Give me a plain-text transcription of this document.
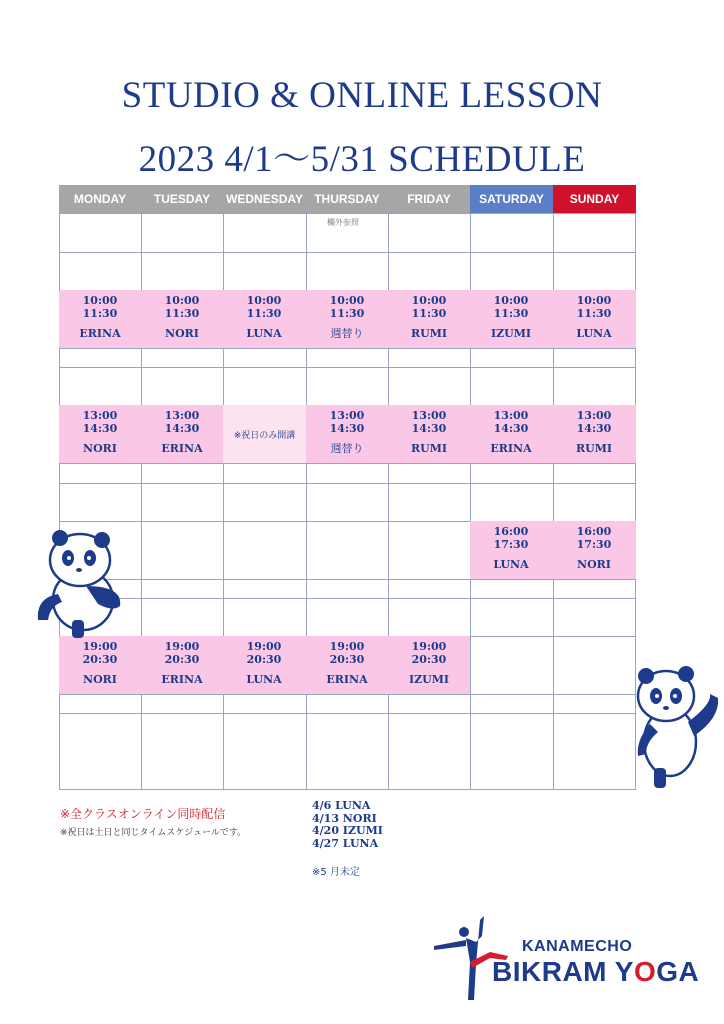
STUDIO & ONLINE LESSON
2023 4/1～5/31 SCHEDULE
MONDAY TUESDAY WEDNESDAY THURSDAY FRIDAY SATURDAY SUNDAY
欄外参照
※祝日のみ開講
10:00
11:30
ERINA
10:00
11:30
NORI
10:00
11:30
LUNA
10:00
11:30
週替り
10:00
11:30
RUMI
10:00
11:30
IZUMI
10:00
11:30
LUNA
13:00
14:30
NORI
13:00
14:30
ERINA
13:00
14:30
週替り
13:00
14:30
RUMI
13:00
14:30
ERINA
13:00
14:30
RUMI
16:00
17:30
LUNA
16:00
17:30
NORI
19:00
20:30
NORI
19:00
20:30
ERINA
19:00
20:30
LUNA
19:00
20:30
ERINA
19:00
20:30
IZUMI
※全クラスオンライン同時配信
※祝日は土日と同じタイムスケジュールです。
4/6 LUNA
4/13 NORI
4/20 IZUMI
4/27 LUNA
※5 月未定
KANAMECHO
BIKRAM YOGA
